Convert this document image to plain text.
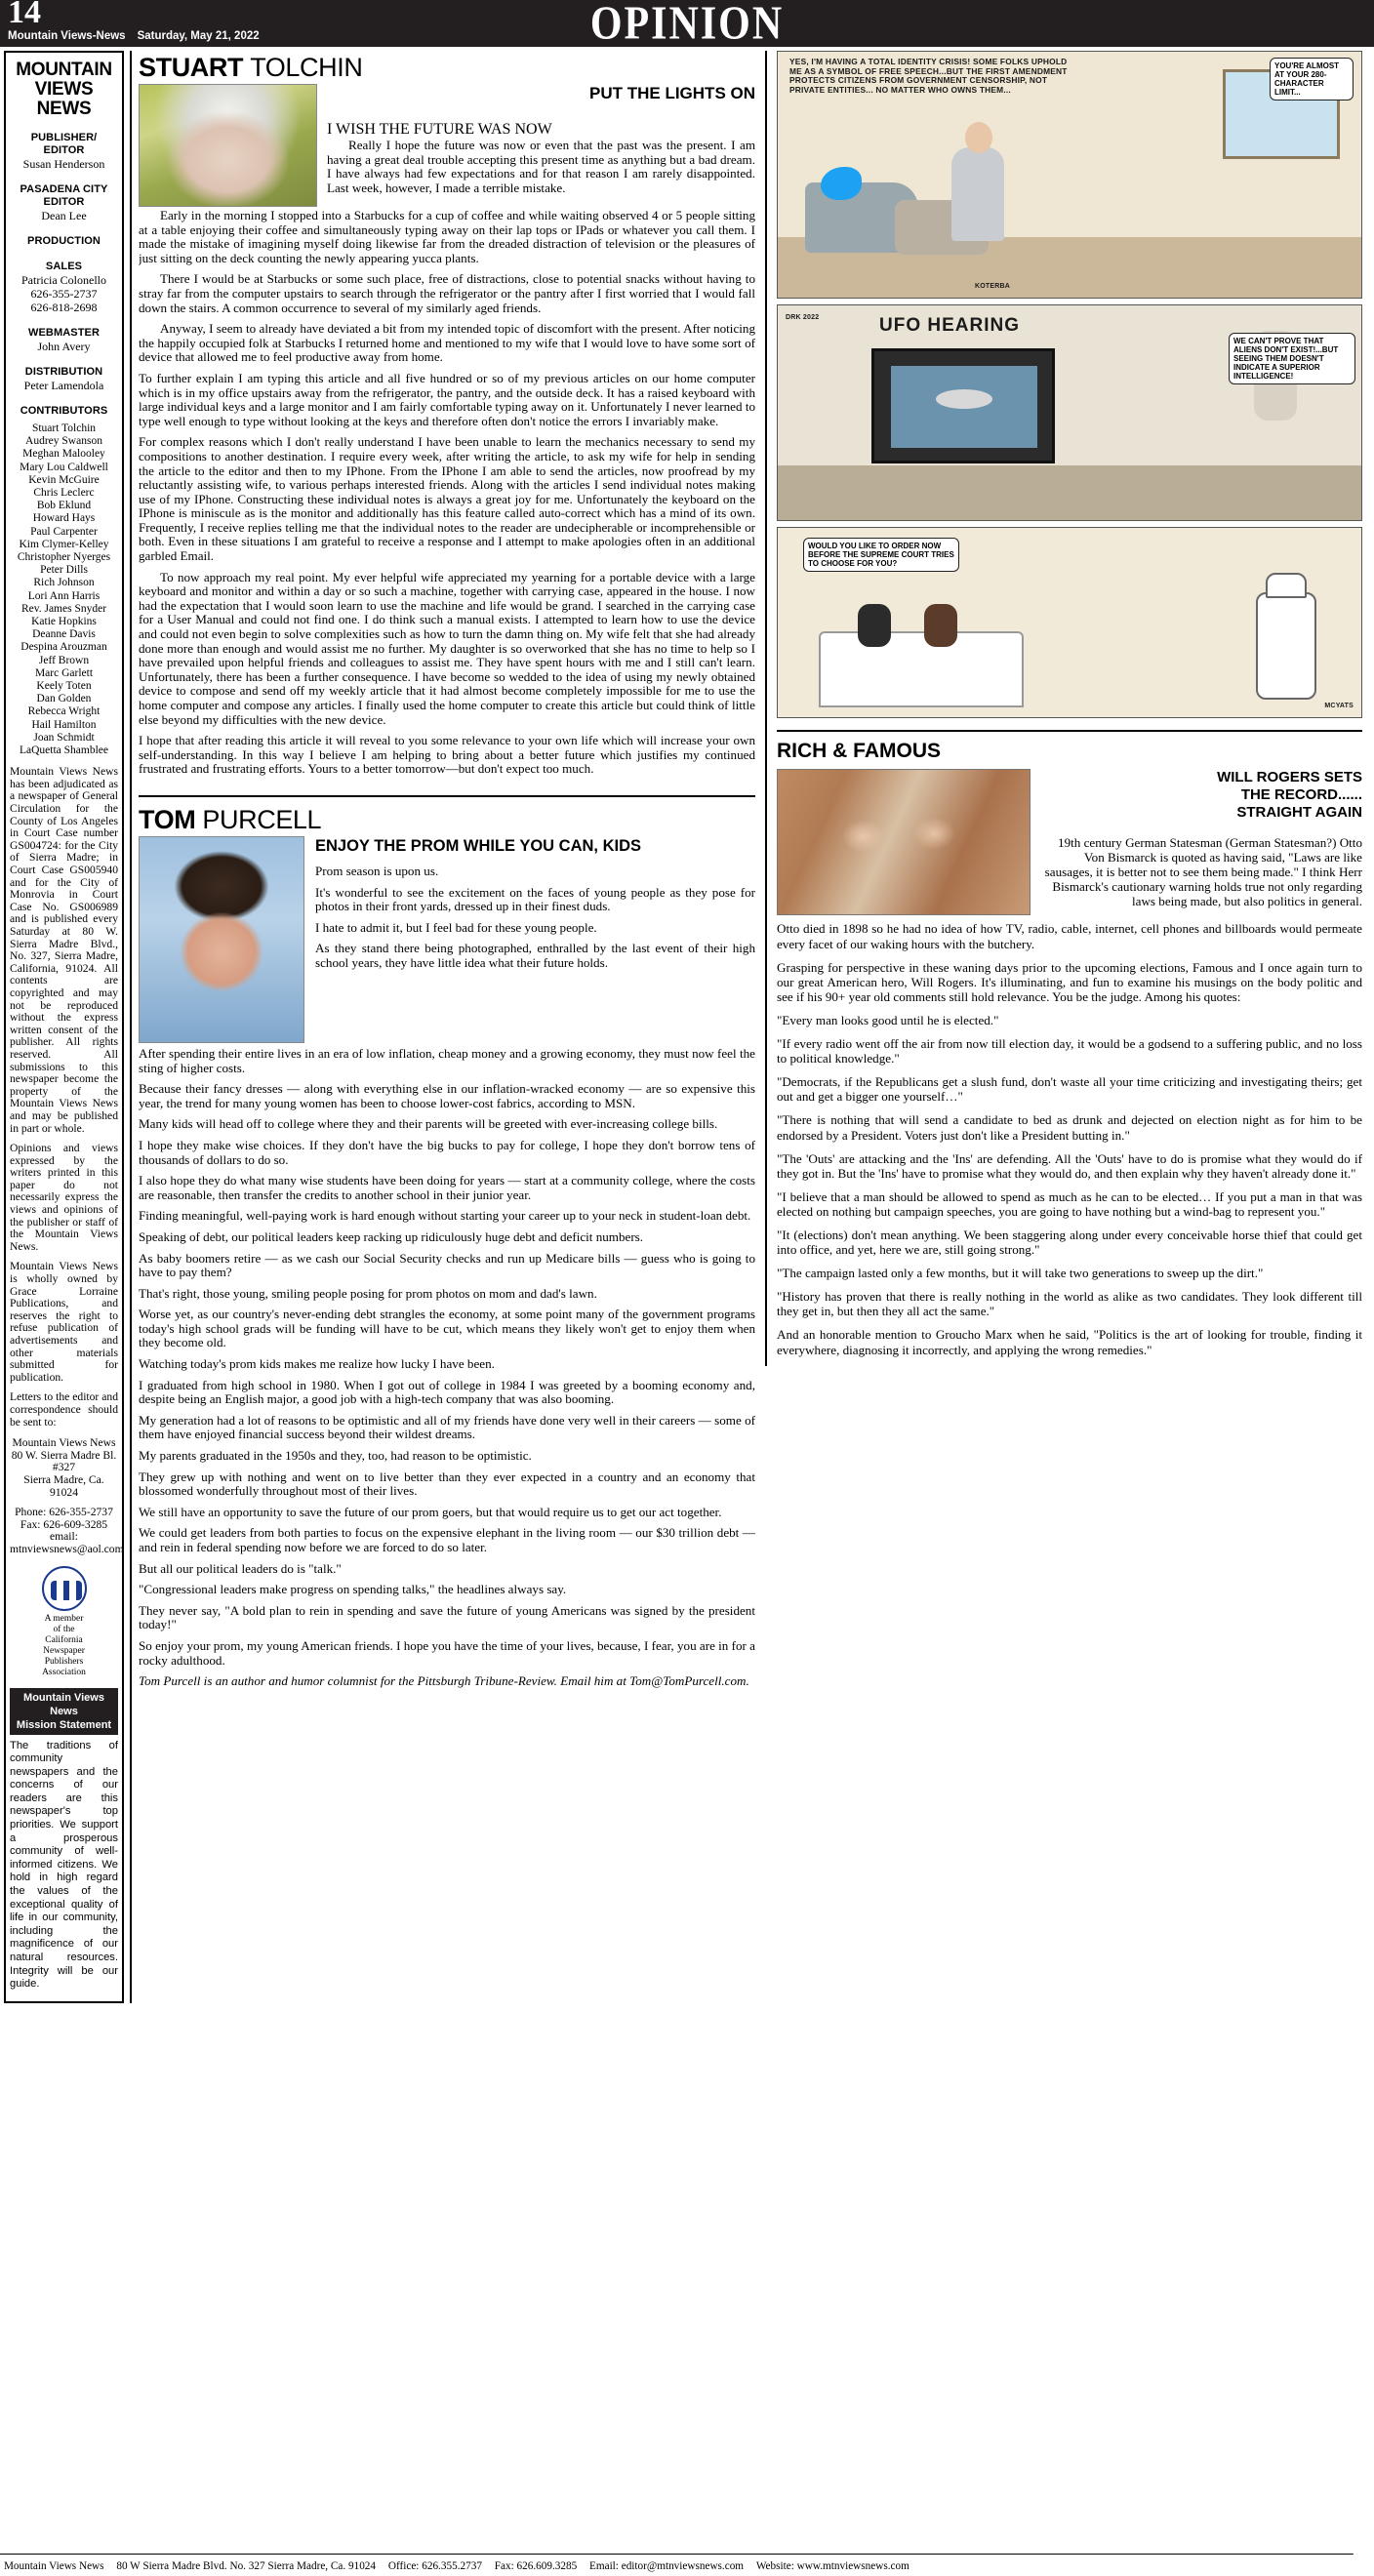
14
Mountain Views-News Saturday, May 21, 2022	OPINION
MOUNTAIN
VIEWS
NEWS
PUBLISHER/ EDITOR
Susan Henderson
PASADENA CITY EDITOR
Dean Lee
PRODUCTION
SALES
Patricia Colonello
626-355-2737
626-818-2698
WEBMASTER
John Avery
DISTRIBUTION
Peter Lamendola
CONTRIBUTORS
Stuart Tolchin
Audrey Swanson
Meghan Malooley
Mary Lou Caldwell
Kevin McGuire
Chris Leclerc
Bob Eklund
Howard Hays
Paul Carpenter
Kim Clymer-Kelley
Christopher Nyerges
Peter Dills
Rich Johnson
Lori Ann Harris
Rev. James Snyder
Katie Hopkins
Deanne Davis
Despina Arouzman
Jeff Brown
Marc Garlett
Keely Toten
Dan Golden
Rebecca Wright
Hail Hamilton
Joan Schmidt
LaQuetta Shamblee

Mountain Views News has been adjudicated as a newspaper of General Circulation for the County of Los Angeles in Court Case number GS004724: for the City of Sierra Madre; in Court Case GS005940 and for the City of Monrovia in Court Case No. GS006989 and is published every Saturday at 80 W. Sierra Madre Blvd., No. 327, Sierra Madre, California, 91024. All contents are copyrighted and may not be reproduced without the express written consent of the publisher. All rights reserved. All submissions to this newspaper become the property of the Mountain Views News and may be published in part or whole.

Opinions and views expressed by the writers printed in this paper do not necessarily express the views and opinions of the publisher or staff of the Mountain Views News.

Mountain Views News is wholly owned by Grace Lorraine Publications, and reserves the right to refuse publication of advertisements and other materials submitted for publication.

Letters to the editor and correspondence should be sent to:

Mountain Views News
80 W. Sierra Madre Bl.
#327
Sierra Madre, Ca.
91024
Phone: 626-355-2737
Fax: 626-609-3285
email:
mtnviewsnews@aol.com
A member
of the
California
Newspaper
Publishers
Association
Mountain Views News
Mission Statement
The traditions of community newspapers and the concerns of our readers are this newspaper's top priorities. We support a prosperous community of well-informed citizens. We hold in high regard the values of the exceptional quality of life in our community, including the magnificence of our natural resources. Integrity will be our guide.
STUART TOLCHIN
PUT THE LIGHTS ON
I WISH THE FUTURE WAS NOW

Really I hope the future was now or even that the past was the present. I am having a great deal trouble accepting this present time as anything but a bad dream. I have always had few expectations and for that reason I am rarely disappointed. Last week, however, I made a terrible mistake.

Early in the morning I stopped into a Starbucks for a cup of coffee and while waiting observed 4 or 5 people sitting at a table enjoying their coffee and simultaneously typing away on their lap tops or IPads or whatever you call them. I made the mistake of imagining myself doing likewise far from the dreaded distraction of television or the pleasures of just sitting on the deck counting the newly appearing yucca plants.

There I would be at Starbucks or some such place, free of distractions, close to potential snacks without having to stray far from the computer upstairs to search through the refrigerator or the pantry after I first worried that I would fall down the stairs. A common occurrence to several of my similarly aged friends.

Anyway, I seem to already have deviated a bit from my intended topic of discomfort with the present. After noticing the happily occupied folk at Starbucks I returned home and mentioned to my wife that I would love to have some sort of device that allowed me to feel productive away from home.

To further explain I am typing this article and all five hundred or so of my previous articles on our home computer which is in my office upstairs away from the refrigerator, the pantry, and the outside deck. It has a raised keyboard with large individual keys and a large monitor and I am fairly comfortable typing away on it. Unfortunately I never learned to type well enough to type without looking at the keys and therefore often don't notice the errors I invariably make.

For complex reasons which I don't really understand I have been unable to learn the mechanics necessary to send my compositions to another destination. I require every week, after writing the article, to ask my wife for help in sending the article to the editor and then to my IPhone. From the IPhone I am able to send the articles, now proofread by my reluctantly assisting wife, to various perhaps interested friends. Along with the articles I send individual notes making use of my IPhone. Constructing these individual notes is always a great joy for me. Unfortunately the keyboard on the IPhone is miniscule as is the monitor and additionally has this feature called auto-correct which has a mind of its own. Frequently, I receive replies telling me that the individual notes to the reader are undecipherable or incomprehensible or both. Even in these situations I am grateful to receive a response and I attempt to make apologies often in an additional garbled Email.

To now approach my real point. My ever helpful wife appreciated my yearning for a portable device with a large keyboard and monitor and within a day or so such a machine, together with carrying case, appeared in the house. I now had the expectation that I would soon learn to use the machine and life would be grand. I searched in the carrying case for a User Manual and could not find one. I do think such a manual exists. I attempted to learn how to use the device and could not even begin to solve complexities such as how to turn the damn thing on. My wife felt that she had already done more than enough and would assist me no further. My daughter is so overworked that she has no time to help so I have prevailed upon helpful friends and colleagues to assist me. They have spent hours with me and I still can't learn. Unfortunately, there has been a further consequence. I have become so wedded to the idea of using my newly obtained device to compose and send off my weekly article that it had almost become completely impossible for me to use the home computer and compose any articles. I finally used the home computer to create this article but could think of little else beyond my difficulties with the new device.

I hope that after reading this article it will reveal to you some relevance to your own life which will increase your own self-understanding. In this way I believe I am helping to bring about a better future which justifies my continued frustrated and frustrating efforts. Yours to a better tomorrow—but don't expect too much.

TOM PURCELL
ENJOY THE PROM WHILE YOU CAN, KIDS

Prom season is upon us.

It's wonderful to see the excitement on the faces of young people as they pose for photos in their front yards, dressed up in their finest duds.

I hate to admit it, but I feel bad for these young people.

As they stand there being photographed, enthralled by the last event of their high school years, they have little idea what their future holds.

After spending their entire lives in an era of low inflation, cheap money and a growing economy, they must now feel the sting of higher costs.

Because their fancy dresses — along with everything else in our inflation-wracked economy — are so expensive this year, the trend for many young women has been to choose lower-cost fabrics, according to MSN.

Many kids will head off to college where they and their parents will be greeted with ever-increasing college bills.

I hope they make wise choices. If they don't have the big bucks to pay for college, I hope they don't borrow tens of thousands of dollars to do so.

I also hope they do what many wise students have been doing for years — start at a community college, where the costs are reasonable, then transfer the credits to another school in their junior year.

Finding meaningful, well-paying work is hard enough without starting your career up to your neck in student-loan debt.

Speaking of debt, our political leaders keep racking up ridiculously huge debt and deficit numbers.

As baby boomers retire — as we cash our Social Security checks and run up Medicare bills — guess who is going to have to pay them?

That's right, those young, smiling people posing for prom photos on mom and dad's lawn.

Worse yet, as our country's never-ending debt strangles the economy, at some point many of the government programs today's high school grads will be funding will have to be cut, which means they likely won't get to enjoy them when they become old.

Watching today's prom kids makes me realize how lucky I have been.

I graduated from high school in 1980. When I got out of college in 1984 I was greeted by a booming economy and, despite being an English major, a good job with a high-tech company that was also booming.

My generation had a lot of reasons to be optimistic and all of my friends have done very well in their careers — some of them have enjoyed financial success beyond their wildest dreams.

My parents graduated in the 1950s and they, too, had reason to be optimistic.

They grew up with nothing and went on to live better than they ever expected in a country and an economy that blossomed wonderfully throughout most of their lives.

We still have an opportunity to save the future of our prom goers, but that would require us to get our act together.

We could get leaders from both parties to focus on the expensive elephant in the living room — our $30 trillion debt — and rein in federal spending now before we are forced to do so later.

But all our political leaders do is "talk."

"Congressional leaders make progress on spending talks," the headlines always say.

They never say, "A bold plan to rein in spending and save the future of young Americans was signed by the president today!"

So enjoy your prom, my young American friends. I hope you have the time of your lives, because, I fear, you are in for a rocky adulthood.

Tom Purcell is an author and humor columnist for the Pittsburgh Tribune-Review. Email him at Tom@TomPurcell.com.

YES, I'M HAVING A TOTAL IDENTITY CRISIS! SOME FOLKS UPHOLD ME AS A SYMBOL OF FREE SPEECH...BUT THE FIRST AMENDMENT PROTECTS CITIZENS FROM GOVERNMENT CENSORSHIP, NOT PRIVATE ENTITIES... NO MATTER WHO OWNS THEM...
YOU'RE ALMOST AT YOUR 280-CHARACTER LIMIT...
KOTERBA
UFO HEARING
WE CAN'T PROVE THAT ALIENS DON'T EXIST!...BUT SEEING THEM DOESN'T INDICATE A SUPERIOR INTELLIGENCE!
DRK 2022
WOULD YOU LIKE TO ORDER NOW BEFORE THE SUPREME COURT TRIES TO CHOOSE FOR YOU?
MCYATS
RICH & FAMOUS
WILL ROGERS SETS
THE RECORD......
STRAIGHT AGAIN

19th century German Statesman (German Statesman?) Otto Von Bismarck is quoted as having said, "Laws are like sausages, it is better not to see them being made." I think Herr Bismarck's cautionary warning holds true not only regarding laws being made, but also politics in general.

Otto died in 1898 so he had no idea of how TV, radio, cable, internet, cell phones and billboards would permeate every facet of our waking hours with the butchery.

Grasping for perspective in these waning days prior to the upcoming elections, Famous and I once again turn to our great American hero, Will Rogers. It's illuminating, and fun to examine his musings on the body politic and see if his 90+ year old comments still hold relevance. You be the judge. Among his quotes:

"Every man looks good until he is elected."

"If every radio went off the air from now till election day, it would be a godsend to a suffering public, and no loss to political knowledge."

"Democrats, if the Republicans get a slush fund, don't waste all your time criticizing and investigating theirs; get out and get a bigger one yourself…"

"There is nothing that will send a candidate to bed as drunk and dejected on election night as for him to be endorsed by a President. Voters just don't like a President butting in."

"The 'Outs' are attacking and the 'Ins' are defending. All the 'Outs' have to do is promise what they would do if they got in. But the 'Ins' have to promise what they would do, and then explain why they haven't already done it."

"I believe that a man should be allowed to spend as much as he can to be elected… If you put a man in that was elected on nothing but campaign speeches, you are going to have nothing but a wind-bag to represent you."

"It (elections) don't mean anything. We been staggering along under every conceivable horse thief that could get into office, and yet, here we are, still going strong."

"The campaign lasted only a few months, but it will take two generations to sweep up the dirt."

"History has proven that there is really nothing in the world as alike as two candidates. They look different till they get in, but then they all act the same."

And an honorable mention to Groucho Marx when he said, "Politics is the art of looking for trouble, finding it everywhere, diagnosing it incorrectly, and applying the wrong remedies."

Mountain Views News 80 W Sierra Madre Blvd. No. 327 Sierra Madre, Ca. 91024 Office: 626.355.2737 Fax: 626.609.3285 Email: editor@mtnviewsnews.com Website: www.mtnviewsnews.com
